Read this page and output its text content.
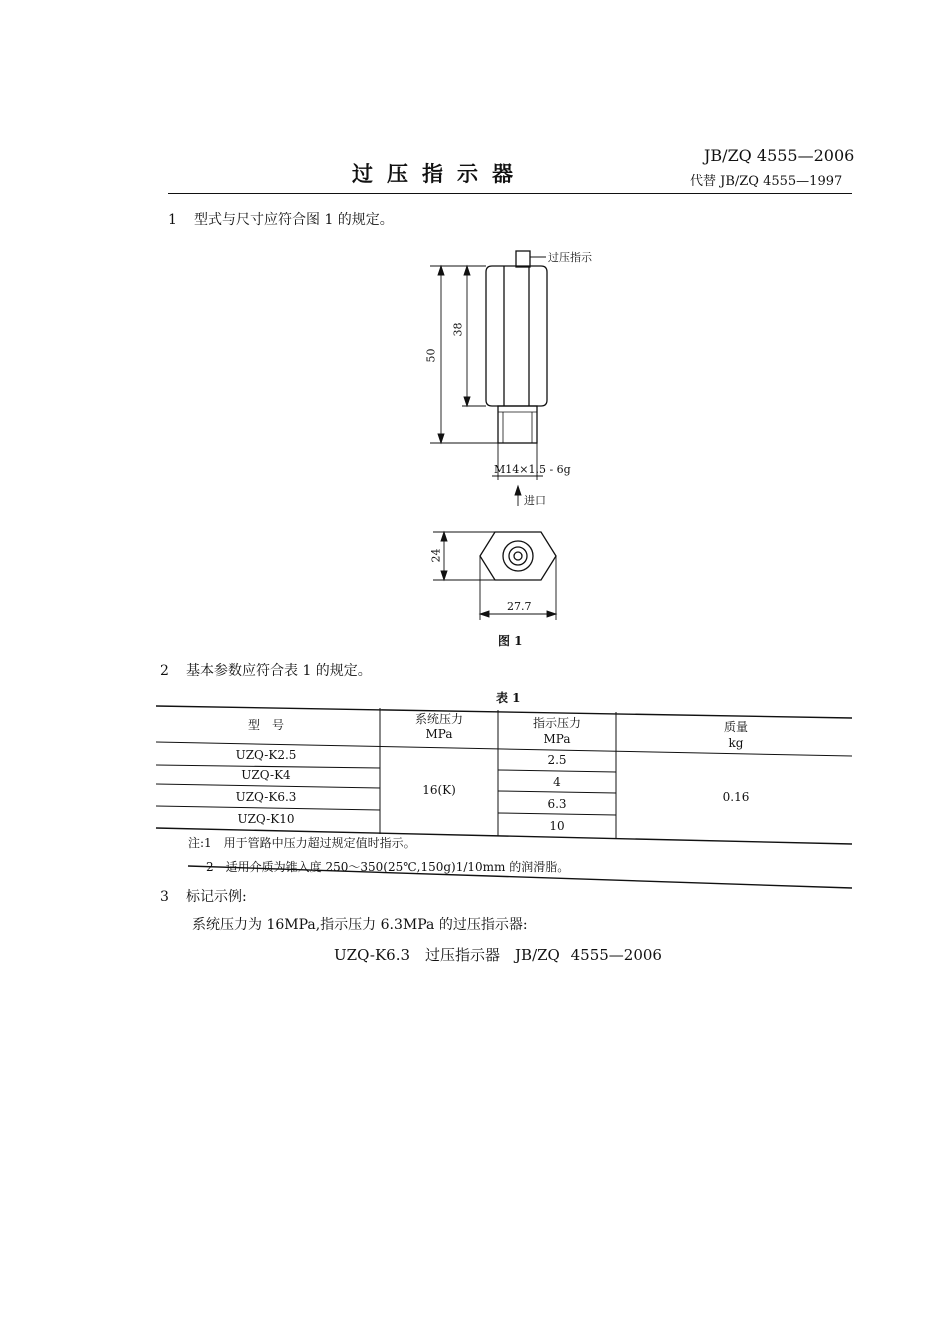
过压指示器
JB/ZQ 4555—2006
代替 JB/ZQ 4555—1997
1 型式与尺寸应符合图 1 的规定。
过压指示
M14×1.5 - 6g
进口
50
38
24
27.7
图 1
2 基本参数应符合表 1 的规定。
表 1
型　号	系统压力
MPa
指示压力
MPa
质量
kg
UZQ-K2.5
UZQ-K4
UZQ-K6.3
UZQ-K10
2.5
4
6.3
10
16(K)	0.16
注:1　用于管路中压力超过规定值时指示。
2　适用介质为锥入度 250～350(25℃,150g)1/10mm 的润滑脂。
3 标记示例:
系统压力为 16MPa,指示压力 6.3MPa 的过压指示器:
UZQ-K6.3　过压指示器　JB/ZQ 4555—2006
